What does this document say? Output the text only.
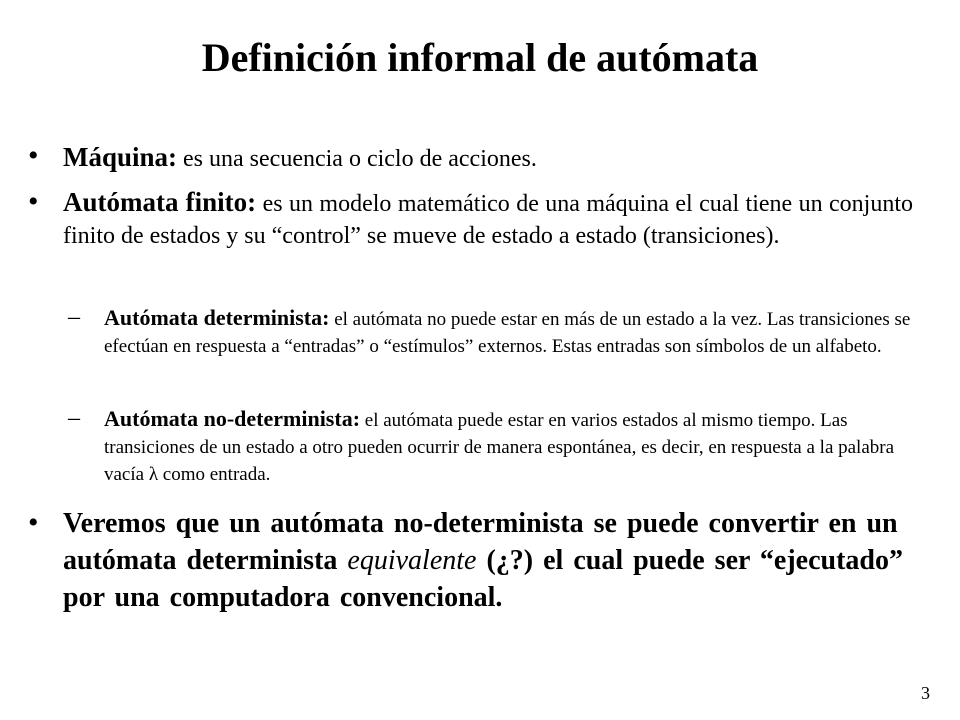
Definición informal de autómata
• Máquina: es una secuencia o ciclo de acciones.
• Autómata finito: es un modelo matemático de una máquina el cual tiene un conjunto finito de estados y su “control” se mueve de estado a estado (transiciones).
– Autómata determinista: el autómata no puede estar en más de un estado a la vez. Las transiciones se efectúan en respuesta a “entradas” o “estímulos” externos. Estas entradas son símbolos de un alfabeto.
– Autómata no-determinista: el autómata puede estar en varios estados al mismo tiempo. Las transiciones de un estado a otro pueden ocurrir de manera espontánea, es decir, en respuesta a la palabra vacía λ como entrada.
• Veremos que un autómata no-determinista se puede convertir en un autómata determinista equivalente (¿?) el cual puede ser “ejecutado” por una computadora convencional.
3
